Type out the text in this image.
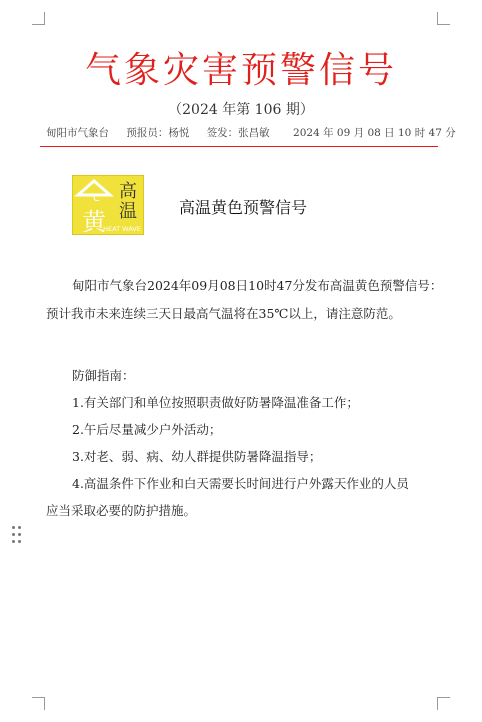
气象灾害预警信号
（2024 年第 106 期）
甸阳市气象台 预报员：杨悦 签发：张昌敏 2024 年 09 月 08 日 10 时 47 分
°C
黄
高
温
HEAT WAVE
高温黄色预警信号
甸阳市气象台2024年09月08日10时47分发布高温黄色预警信号：
预计我市未来连续三天日最高气温将在35℃以上，请注意防范。
防御指南：
1.有关部门和单位按照职责做好防暑降温准备工作；
2.午后尽量减少户外活动；
3.对老、弱、病、幼人群提供防暑降温指导；
4.高温条件下作业和白天需要长时间进行户外露天作业的人员
应当采取必要的防护措施。
